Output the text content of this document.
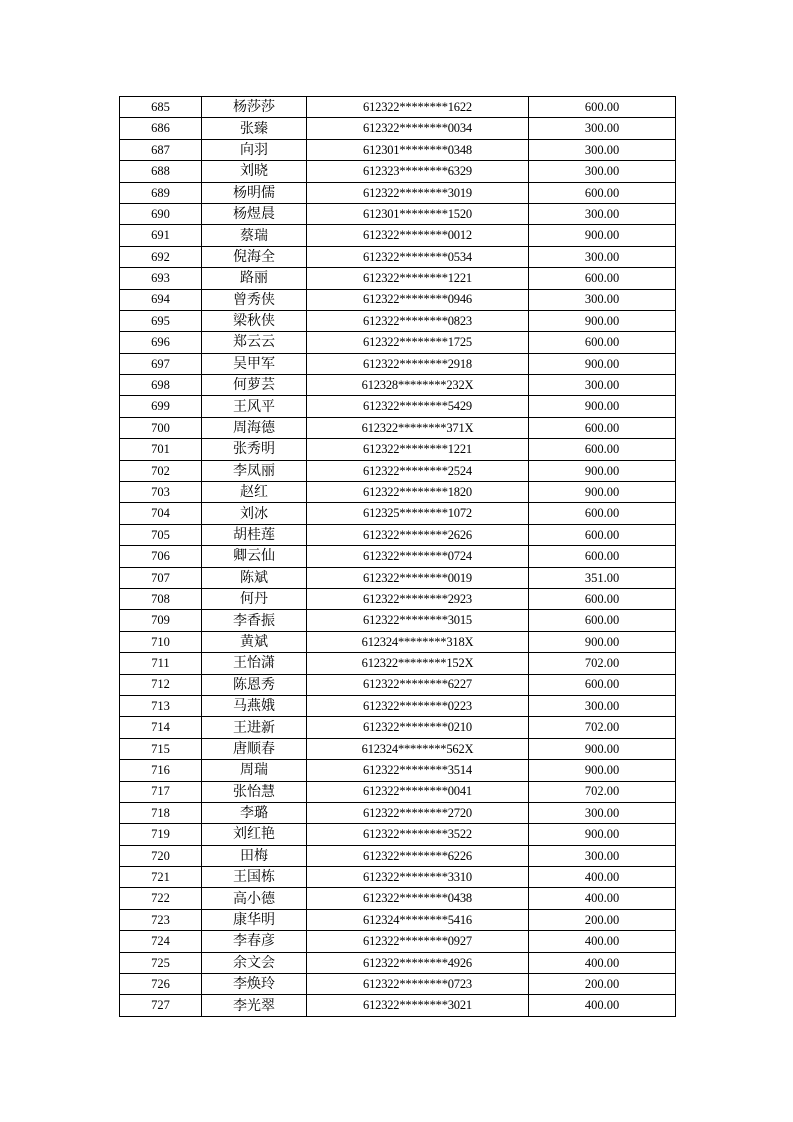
685	杨莎莎	612322********1622	600.00
686	张臻	612322********0034	300.00
687	向羽	612301********0348	300.00
688	刘晓	612323********6329	300.00
689	杨明儒	612322********3019	600.00
690	杨煜晨	612301********1520	300.00
691	蔡瑞	612322********0012	900.00
692	倪海全	612322********0534	300.00
693	路丽	612322********1221	600.00
694	曾秀侠	612322********0946	300.00
695	梁秋侠	612322********0823	900.00
696	郑云云	612322********1725	600.00
697	吴甲军	612322********2918	900.00
698	何萝芸	612328********232X	300.00
699	王风平	612322********5429	900.00
700	周海德	612322********371X	600.00
701	张秀明	612322********1221	600.00
702	李凤丽	612322********2524	900.00
703	赵红	612322********1820	900.00
704	刘冰	612325********1072	600.00
705	胡桂莲	612322********2626	600.00
706	卿云仙	612322********0724	600.00
707	陈斌	612322********0019	351.00
708	何丹	612322********2923	600.00
709	李香振	612322********3015	600.00
710	黄斌	612324********318X	900.00
711	王怡潇	612322********152X	702.00
712	陈恩秀	612322********6227	600.00
713	马燕娥	612322********0223	300.00
714	王进新	612322********0210	702.00
715	唐顺春	612324********562X	900.00
716	周瑞	612322********3514	900.00
717	张怡慧	612322********0041	702.00
718	李璐	612322********2720	300.00
719	刘红艳	612322********3522	900.00
720	田梅	612322********6226	300.00
721	王国栋	612322********3310	400.00
722	高小德	612322********0438	400.00
723	康华明	612324********5416	200.00
724	李春彦	612322********0927	400.00
725	余文会	612322********4926	400.00
726	李焕玲	612322********0723	200.00
727	李光翠	612322********3021	400.00
